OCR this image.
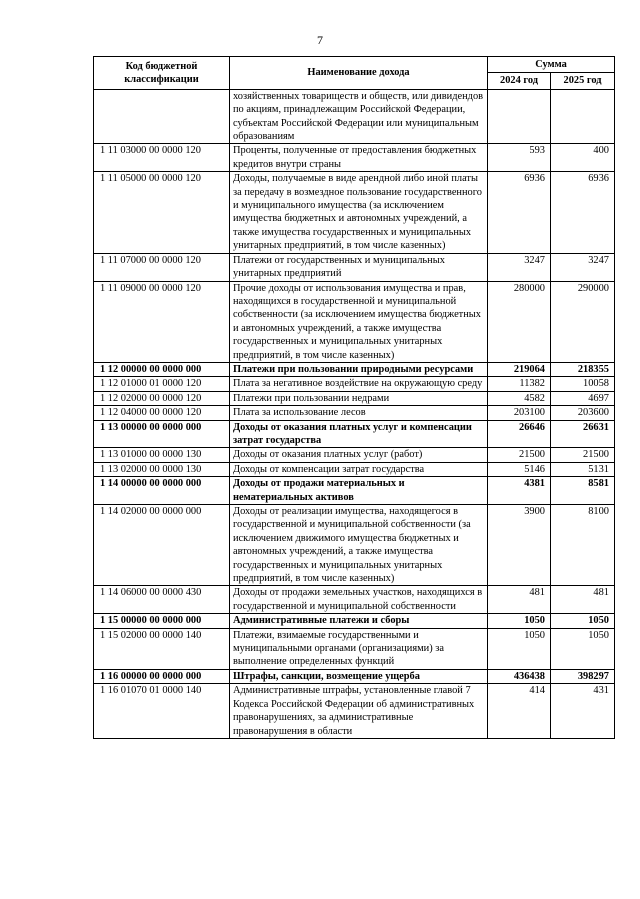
7
Код бюджетной классификации	Наименование дохода	Сумма	
		2024 год	2025 год
	хозяйственных товариществ и обществ, или дивидендов по акциям, принадлежащим Российской Федерации, субъектам Российской Федерации или муниципальным образованиям		
1 11 03000 00 0000 120	Проценты, полученные от предоставления бюджетных кредитов внутри страны	593	400
1 11 05000 00 0000 120	Доходы, получаемые в виде арендной либо иной платы за передачу в возмездное пользование государственного и муниципального имущества (за исключением имущества бюджетных и автономных учреждений, а также имущества государственных и муниципальных унитарных предприятий, в том числе казенных)	6936	6936
1 11 07000 00 0000 120	Платежи от государственных и муниципальных унитарных предприятий	3247	3247
1 11 09000 00 0000 120	Прочие доходы от использования имущества и прав, находящихся в государственной и муниципальной собственности (за исключением имущества бюджетных и автономных учреждений, а также имущества государственных и муниципальных унитарных предприятий, в том числе казенных)	280000	290000
1 12 00000 00 0000 000	Платежи при пользовании природными ресурсами	219064	218355
1 12 01000 01 0000 120	Плата за негативное воздействие на окружающую среду	11382	10058
1 12 02000 00 0000 120	Платежи при пользовании недрами	4582	4697
1 12 04000 00 0000 120	Плата за использование лесов	203100	203600
1 13 00000 00 0000 000	Доходы от оказания платных услуг и компенсации затрат государства	26646	26631
1 13 01000 00 0000 130	Доходы от оказания платных услуг (работ)	21500	21500
1 13 02000 00 0000 130	Доходы от компенсации затрат государства	5146	5131
1 14 00000 00 0000 000	Доходы от продажи материальных и нематериальных активов	4381	8581
1 14 02000 00 0000 000	Доходы от реализации имущества, находящегося в государственной и муниципальной собственности (за исключением движимого имущества бюджетных и автономных учреждений, а также имущества государственных и муниципальных унитарных предприятий, в том числе казенных)	3900	8100
1 14 06000 00 0000 430	Доходы от продажи земельных участков, находящихся в государственной и муниципальной собственности	481	481
1 15 00000 00 0000 000	Административные платежи и сборы	1050	1050
1 15 02000 00 0000 140	Платежи, взимаемые государственными и муниципальными органами (организациями) за выполнение определенных функций	1050	1050
1 16 00000 00 0000 000	Штрафы, санкции, возмещение ущерба	436438	398297
1 16 01070 01 0000 140	Административные штрафы, установленные главой 7 Кодекса Российской Федерации об административных правонарушениях, за административные правонарушения в области	414	431
